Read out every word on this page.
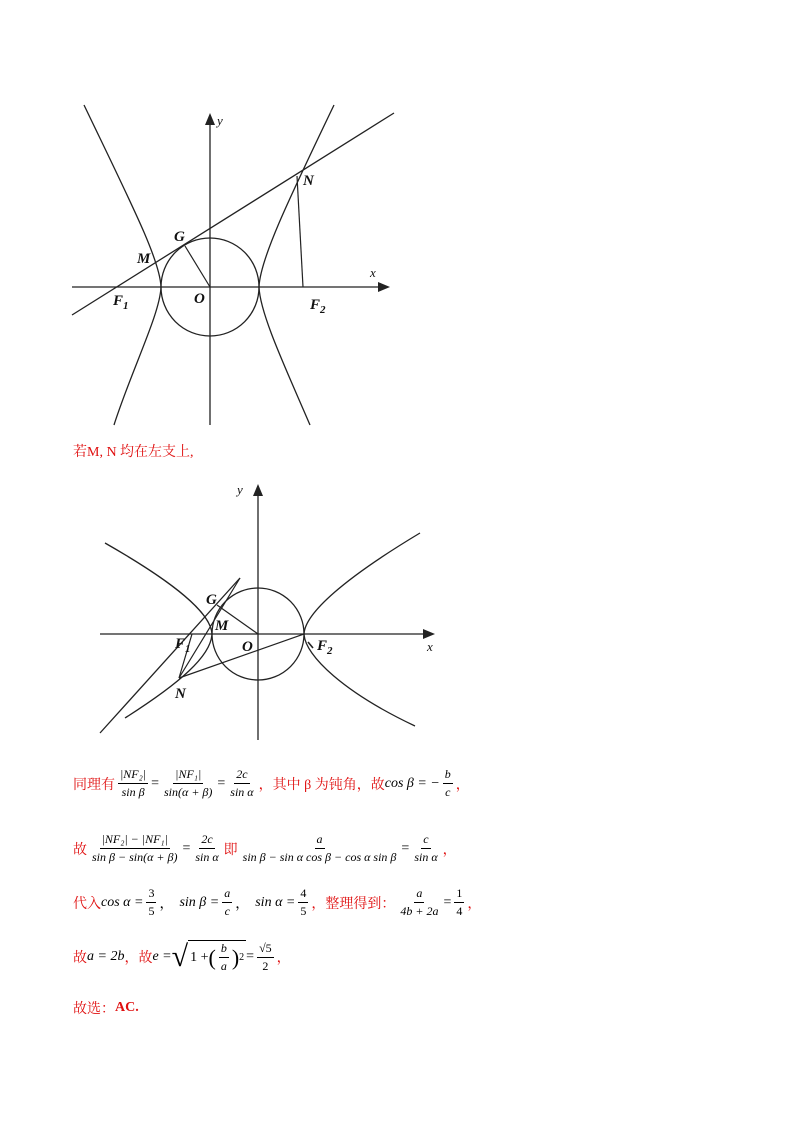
y
x
N
G
M
O
$F_1$	$F_2$
若M, N 均在左支上,
y
x
G
M
O
N
$F_1$	$F_2$
同理有 $\frac{\text{|NF₂|}}{\text{sin β}} = \frac{\text{|NF₁|}}{\sin(\alpha + \beta)} = \frac{2c}{\text{sin α}}$ ，其中 β 为钝角，故 cos β = − $\frac{b}{c}$ ，
故 $\frac{\text{|NF₂| − |NF₁|}}{\text{sin β − sin(α + β)}} = \frac{2c}{\text{sin α}}$ 即 $\frac{a}{\text{sin β − sin α cos β − cos α sin β}} = \frac{c}{\text{sin α}}$ ，
代入 $\cos \alpha = \frac{3}{5}$ ， $\sin \beta = \frac{a}{c}$ ， $\sin \alpha = \frac{4}{5}$ ，整理得到： $\frac{a}{4b + 2a} = \frac{1}{4}$ ，
故 a = 2b ，故 e = √ 1 + ( $\frac{b}{a}$ ) $2 = \frac{√5}{2}$ ，
故选： AC.
